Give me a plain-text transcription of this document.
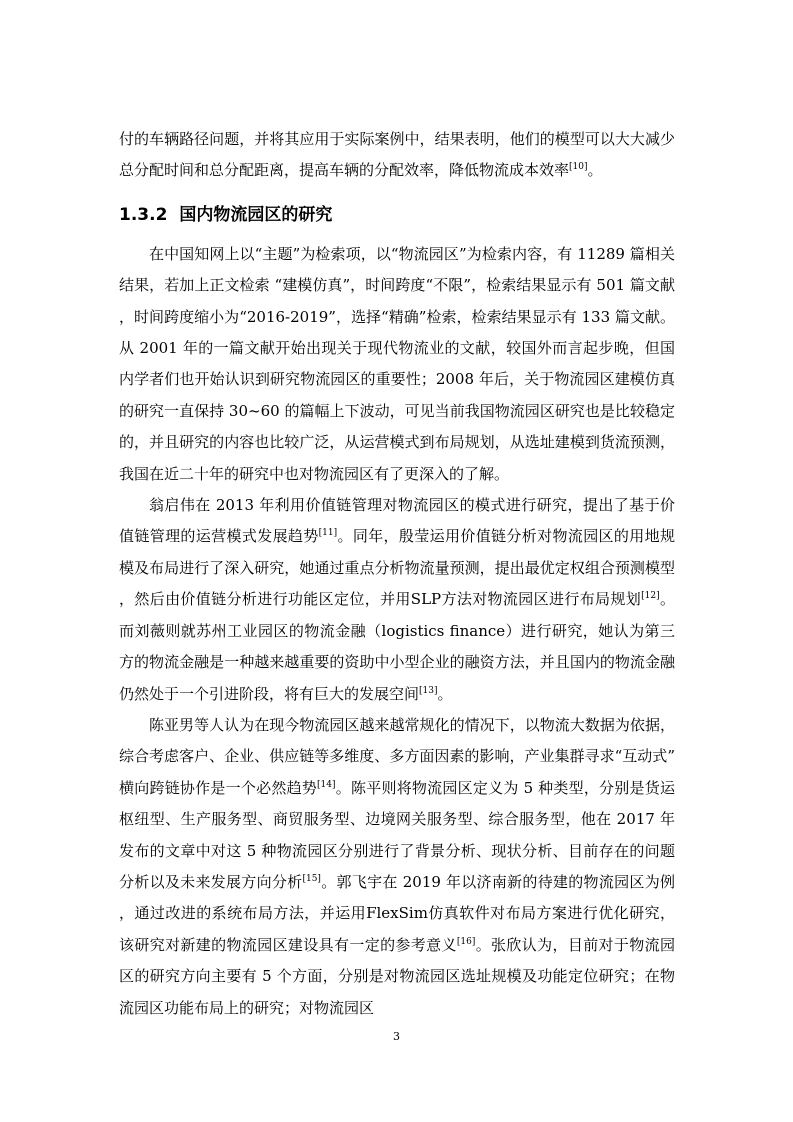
付的车辆路径问题，并将其应用于实际案例中，结果表明，他们的模型可以大大减少总分配时间和总分配距离，提高车辆的分配效率，降低物流成本效率[10]。

1.3.2 国内物流园区的研究

在中国知网上以“主题”为检索项，以“物流园区”为检索内容，有 11289 篇相关结果，若加上正文检索 “建模仿真”，时间跨度“不限”，检索结果显示有 501 篇文献，时间跨度缩小为“2016-2019”，选择“精确”检索，检索结果显示有 133 篇文献。从 2001 年的一篇文献开始出现关于现代物流业的文献，较国外而言起步晚，但国内学者们也开始认识到研究物流园区的重要性；2008 年后，关于物流园区建模仿真的研究一直保持 30~60 的篇幅上下波动，可见当前我国物流园区研究也是比较稳定的，并且研究的内容也比较广泛，从运营模式到布局规划，从选址建模到货流预测，我国在近二十年的研究中也对物流园区有了更深入的了解。

翁启伟在 2013 年利用价值链管理对物流园区的模式进行研究，提出了基于价值链管理的运营模式发展趋势[11]。同年，殷莹运用价值链分析对物流园区的用地规模及布局进行了深入研究，她通过重点分析物流量预测，提出最优定权组合预测模型，然后由价值链分析进行功能区定位，并用SLP方法对物流园区进行布局规划[12]。而刘薇则就苏州工业园区的物流金融（logistics finance）进行研究，她认为第三方的物流金融是一种越来越重要的资助中小型企业的融资方法，并且国内的物流金融仍然处于一个引进阶段，将有巨大的发展空间[13]。

陈亚男等人认为在现今物流园区越来越常规化的情况下，以物流大数据为依据，综合考虑客户、企业、供应链等多维度、多方面因素的影响，产业集群寻求“互动式”横向跨链协作是一个必然趋势[14]。陈平则将物流园区定义为 5 种类型，分别是货运枢纽型、生产服务型、商贸服务型、边境网关服务型、综合服务型，他在 2017 年发布的文章中对这 5 种物流园区分别进行了背景分析、现状分析、目前存在的问题分析以及未来发展方向分析[15]。郭飞宇在 2019 年以济南新的待建的物流园区为例，通过改进的系统布局方法，并运用FlexSim仿真软件对布局方案进行优化研究，该研究对新建的物流园区建设具有一定的参考意义[16]。张欣认为，目前对于物流园区的研究方向主要有 5 个方面，分别是对物流园区选址规模及功能定位研究；在物流园区功能布局上的研究；对物流园区

3
